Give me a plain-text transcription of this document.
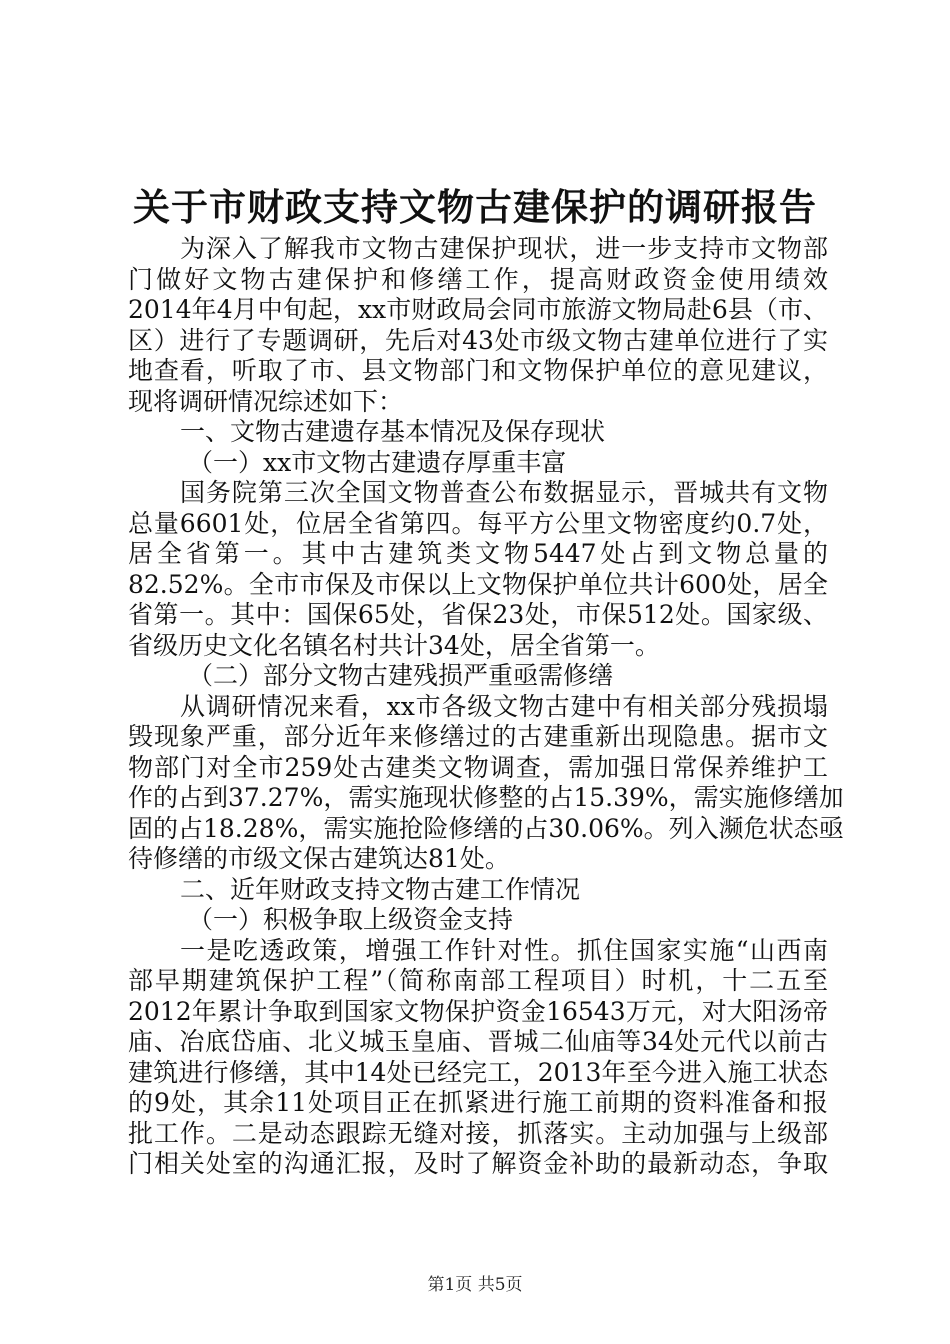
关于市财政支持文物古建保护的调研报告
为深入了解我市文物古建保护现状，进一步支持市文物部
门做好文物古建保护和修缮工作，提高财政资金使用绩效
2014年4月中旬起，xx市财政局会同市旅游文物局赴6县（市、
区）进行了专题调研，先后对43处市级文物古建单位进行了实
地查看，听取了市、县文物部门和文物保护单位的意见建议，
现将调研情况综述如下：
一、文物古建遗存基本情况及保存现状
（一）xx市文物古建遗存厚重丰富
国务院第三次全国文物普查公布数据显示，晋城共有文物
总量6601处，位居全省第四。每平方公里文物密度约0.7处，
居全省第一。其中古建筑类文物5447处占到文物总量的
82.52%。全市市保及市保以上文物保护单位共计600处，居全
省第一。其中：国保65处，省保23处，市保512处。国家级、
省级历史文化名镇名村共计34处，居全省第一。
（二）部分文物古建残损严重亟需修缮
从调研情况来看，xx市各级文物古建中有相关部分残损塌
毁现象严重，部分近年来修缮过的古建重新出现隐患。据市文
物部门对全市259处古建类文物调查，需加强日常保养维护工
作的占到37.27%，需实施现状修整的占15.39%，需实施修缮加
固的占18.28%，需实施抢险修缮的占30.06%。列入濒危状态亟
待修缮的市级文保古建筑达81处。
二、近年财政支持文物古建工作情况
（一）积极争取上级资金支持
一是吃透政策，增强工作针对性。抓住国家实施“山西南
部早期建筑保护工程”（简称南部工程项目）时机，十二五至
2012年累计争取到国家文物保护资金16543万元，对大阳汤帝
庙、冶底岱庙、北义城玉皇庙、晋城二仙庙等34处元代以前古
建筑进行修缮，其中14处已经完工，2013年至今进入施工状态
的9处，其余11处项目正在抓紧进行施工前期的资料准备和报
批工作。二是动态跟踪无缝对接，抓落实。主动加强与上级部
门相关处室的沟通汇报，及时了解资金补助的最新动态，争取
第1页 共5页
